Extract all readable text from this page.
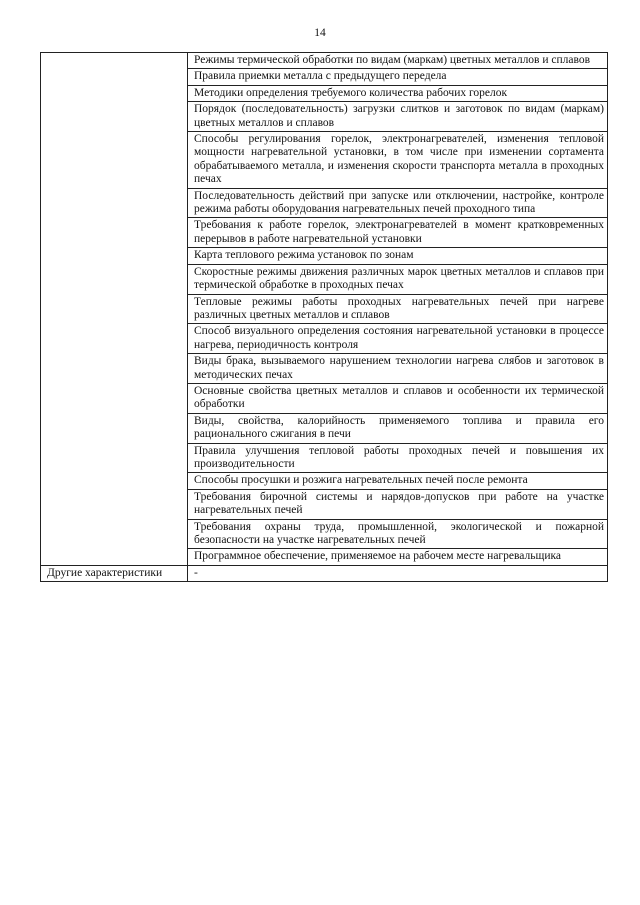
14
	Режимы термической обработки по видам (маркам) цветных металлов и сплавов
	Правила приемки металла с предыдущего передела
	Методики определения требуемого количества рабочих горелок
	Порядок (последовательность) загрузки слитков и заготовок по видам (маркам) цветных металлов и сплавов
	Способы регулирования горелок, электронагревателей, изменения тепловой мощности нагревательной установки, в том числе при изменении сортамента обрабатываемого металла, и изменения скорости транспорта металла в проходных печах
	Последовательность действий при запуске или отключении, настройке, контроле режима работы оборудования нагревательных печей проходного типа
	Требования к работе горелок, электронагревателей в момент кратковременных перерывов в работе нагревательной установки
	Карта теплового режима установок по зонам
	Скоростные режимы движения различных марок цветных металлов и сплавов при термической обработке в проходных печах
	Тепловые режимы работы проходных нагревательных печей при нагреве различных цветных металлов и сплавов
	Способ визуального определения состояния нагревательной установки в процессе нагрева, периодичность контроля
	Виды брака, вызываемого нарушением технологии нагрева слябов и заготовок в методических печах
	Основные свойства цветных металлов и сплавов и особенности их термической обработки
	Виды, свойства, калорийность применяемого топлива и правила его рационального сжигания в печи
	Правила улучшения тепловой работы проходных печей и повышения их производительности
	Способы просушки и розжига нагревательных печей после ремонта
	Требования бирочной системы и нарядов-допусков при работе на участке нагревательных печей
	Требования охраны труда, промышленной, экологической и пожарной безопасности на участке нагревательных печей
	Программное обеспечение, применяемое на рабочем месте нагревальщика
Другие характеристики	-
